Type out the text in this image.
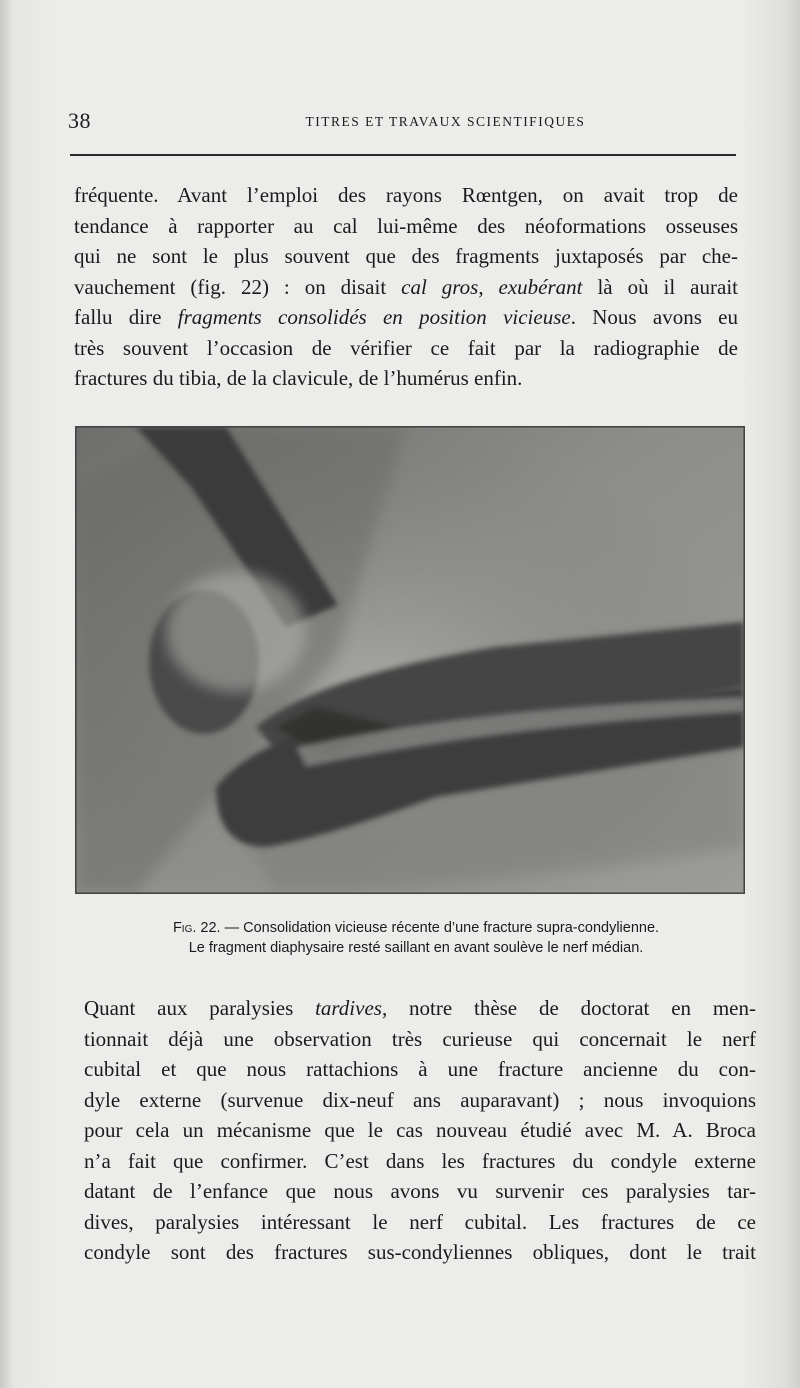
38	TITRES ET TRAVAUX SCIENTIFIQUES
fréquente. Avant l’emploi des rayons Rœntgen, on avait trop de
tendance à rapporter au cal lui-même des néoformations osseuses
qui ne sont le plus souvent que des fragments juxtaposés par che-
vauchement (fig. 22) : on disait cal gros, exubérant là où il aurait
fallu dire fragments consolidés en position vicieuse. Nous avons eu
très souvent l’occasion de vérifier ce fait par la radiographie de
fractures du tibia, de la clavicule, de l’humérus enfin.
Fig. 22. — Consolidation vicieuse récente d’une fracture supra-condylienne.
Le fragment diaphysaire resté saillant en avant soulève le nerf médian.
Quant aux paralysies tardives, notre thèse de doctorat en men-
tionnait déjà une observation très curieuse qui concernait le nerf
cubital et que nous rattachions à une fracture ancienne du con-
dyle externe (survenue dix-neuf ans auparavant) ; nous invoquions
pour cela un mécanisme que le cas nouveau étudié avec M. A. Broca
n’a fait que confirmer. C’est dans les fractures du condyle externe
datant de l’enfance que nous avons vu survenir ces paralysies tar-
dives, paralysies intéressant le nerf cubital. Les fractures de ce
condyle sont des fractures sus-condyliennes obliques, dont le trait
